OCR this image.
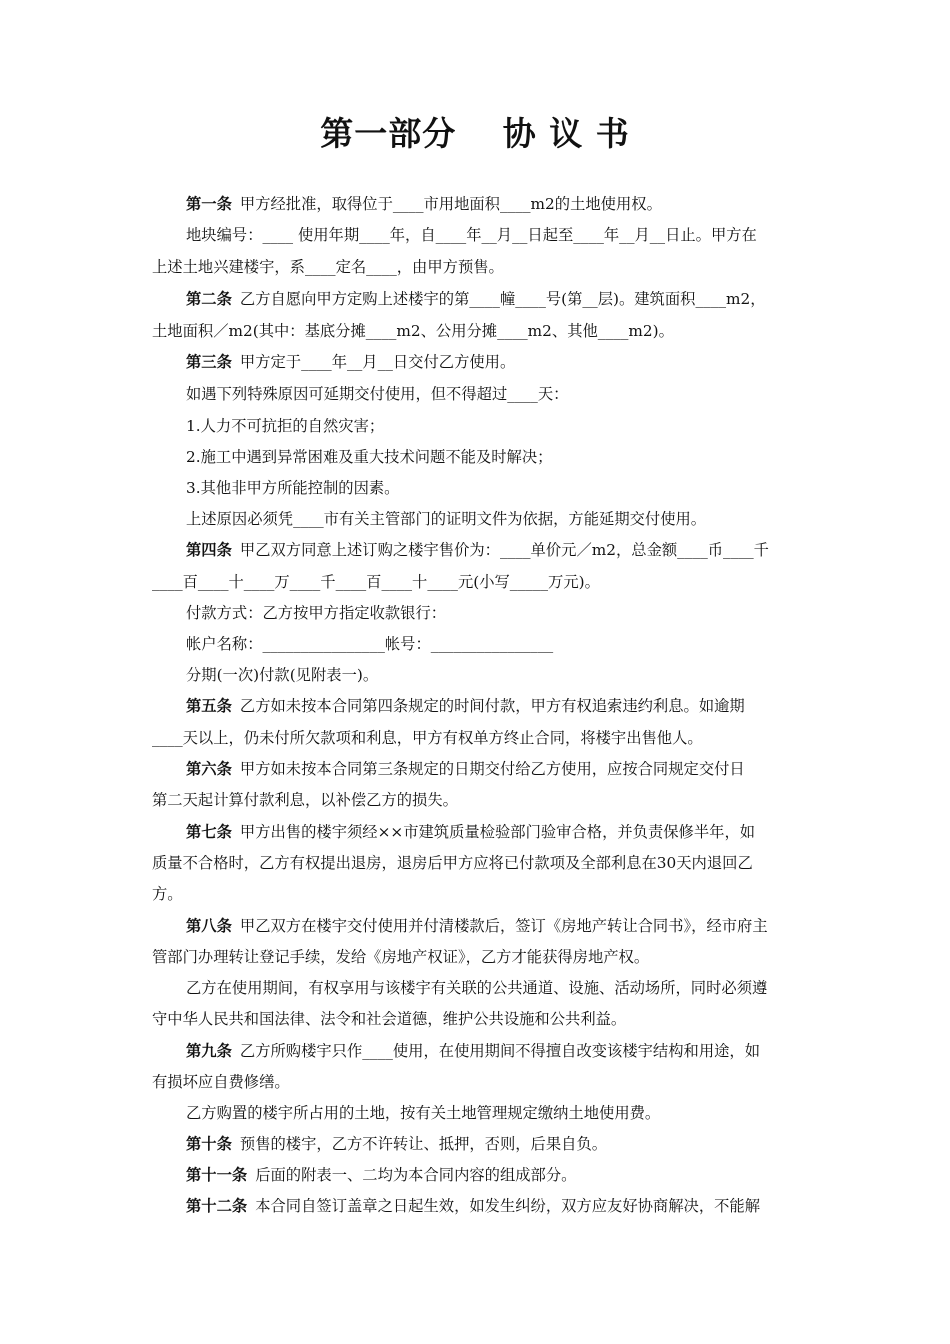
第一部分　 协 议 书
第一条 甲方经批准，取得位于____市用地面积____m2的土地使用权。
地块编号：____ 使用年期____年，自____年__月__日起至____年__月__日止。甲方在
上述土地兴建楼宇，系____定名____，由甲方预售。
第二条 乙方自愿向甲方定购上述楼宇的第____幢____号(第__层)。建筑面积____m2，
土地面积／m2(其中：基底分摊____m2、公用分摊____m2、其他____m2)。
第三条 甲方定于____年__月__日交付乙方使用。
如遇下列特殊原因可延期交付使用，但不得超过____天：
1.人力不可抗拒的自然灾害；
2.施工中遇到异常困难及重大技术问题不能及时解决；
3.其他非甲方所能控制的因素。
上述原因必须凭____市有关主管部门的证明文件为依据，方能延期交付使用。
第四条 甲乙双方同意上述订购之楼宇售价为：____单价元／m2，总金额____币____千
____百____十____万____千____百____十____元(小写_____万元)。
付款方式：乙方按甲方指定收款银行：
帐户名称：________________帐号：________________
分期(一次)付款(见附表一)。
第五条 乙方如未按本合同第四条规定的时间付款，甲方有权追索违约利息。如逾期
____天以上，仍未付所欠款项和利息，甲方有权单方终止合同，将楼宇出售他人。
第六条 甲方如未按本合同第三条规定的日期交付给乙方使用，应按合同规定交付日
第二天起计算付款利息，以补偿乙方的损失。
第七条 甲方出售的楼宇须经××市建筑质量检验部门验审合格，并负责保修半年，如
质量不合格时，乙方有权提出退房，退房后甲方应将已付款项及全部利息在30天内退回乙
方。
第八条 甲乙双方在楼宇交付使用并付清楼款后，签订《房地产转让合同书》，经市府主
管部门办理转让登记手续，发给《房地产权证》，乙方才能获得房地产权。
乙方在使用期间，有权享用与该楼宇有关联的公共通道、设施、活动场所，同时必须遵
守中华人民共和国法律、法令和社会道德，维护公共设施和公共利益。
第九条 乙方所购楼宇只作____使用，在使用期间不得擅自改变该楼宇结构和用途，如
有损坏应自费修缮。
乙方购置的楼宇所占用的土地，按有关土地管理规定缴纳土地使用费。
第十条 预售的楼宇，乙方不许转让、抵押，否则，后果自负。
第十一条 后面的附表一、二均为本合同内容的组成部分。
第十二条 本合同自签订盖章之日起生效，如发生纠纷，双方应友好协商解决，不能解
